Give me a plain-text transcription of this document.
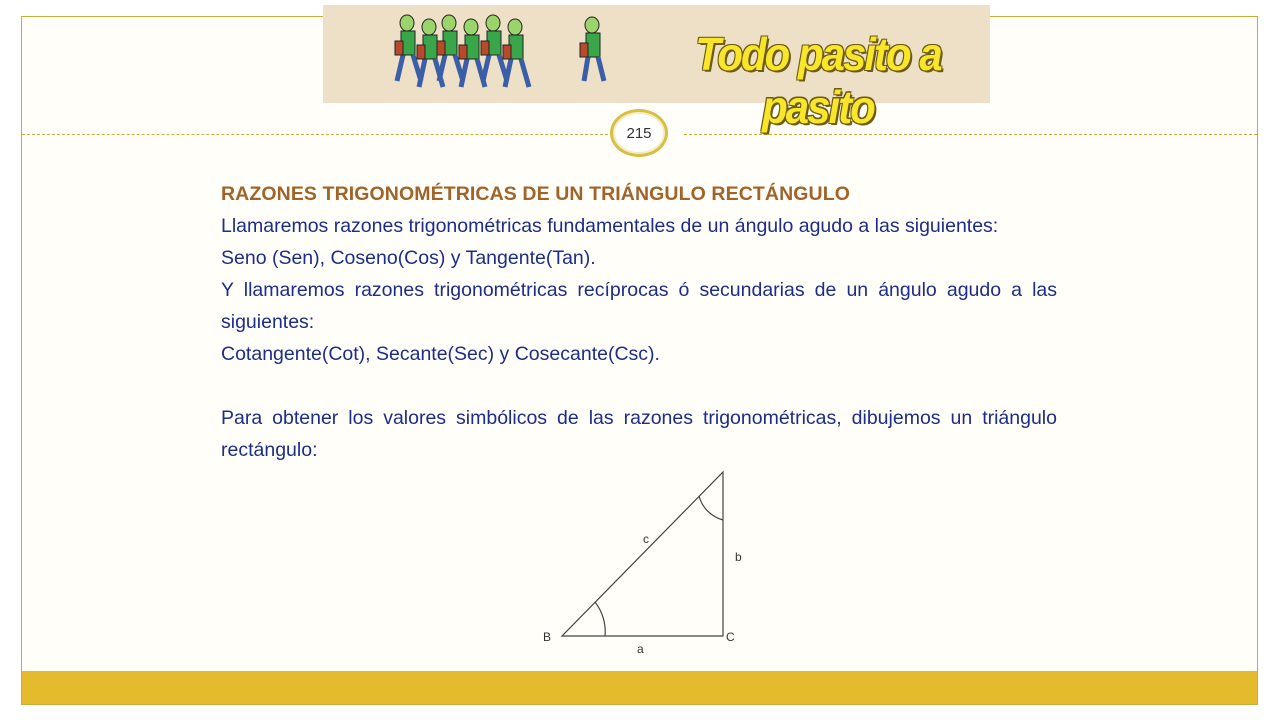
Todo pasito a pasito
215
RAZONES TRIGONOMÉTRICAS DE UN TRIÁNGULO RECTÁNGULO

Llamaremos razones trigonométricas fundamentales de un ángulo agudo a las siguientes:

Seno (Sen), Coseno(Cos) y Tangente(Tan).

Y llamaremos razones trigonométricas recíprocas ó secundarias de un ángulo agudo a las siguientes:

Cotangente(Cot), Secante(Sec) y Cosecante(Csc).

Para obtener los valores simbólicos de las razones trigonométricas, dibujemos un triángulo rectángulo:

c
b
a
B	C
